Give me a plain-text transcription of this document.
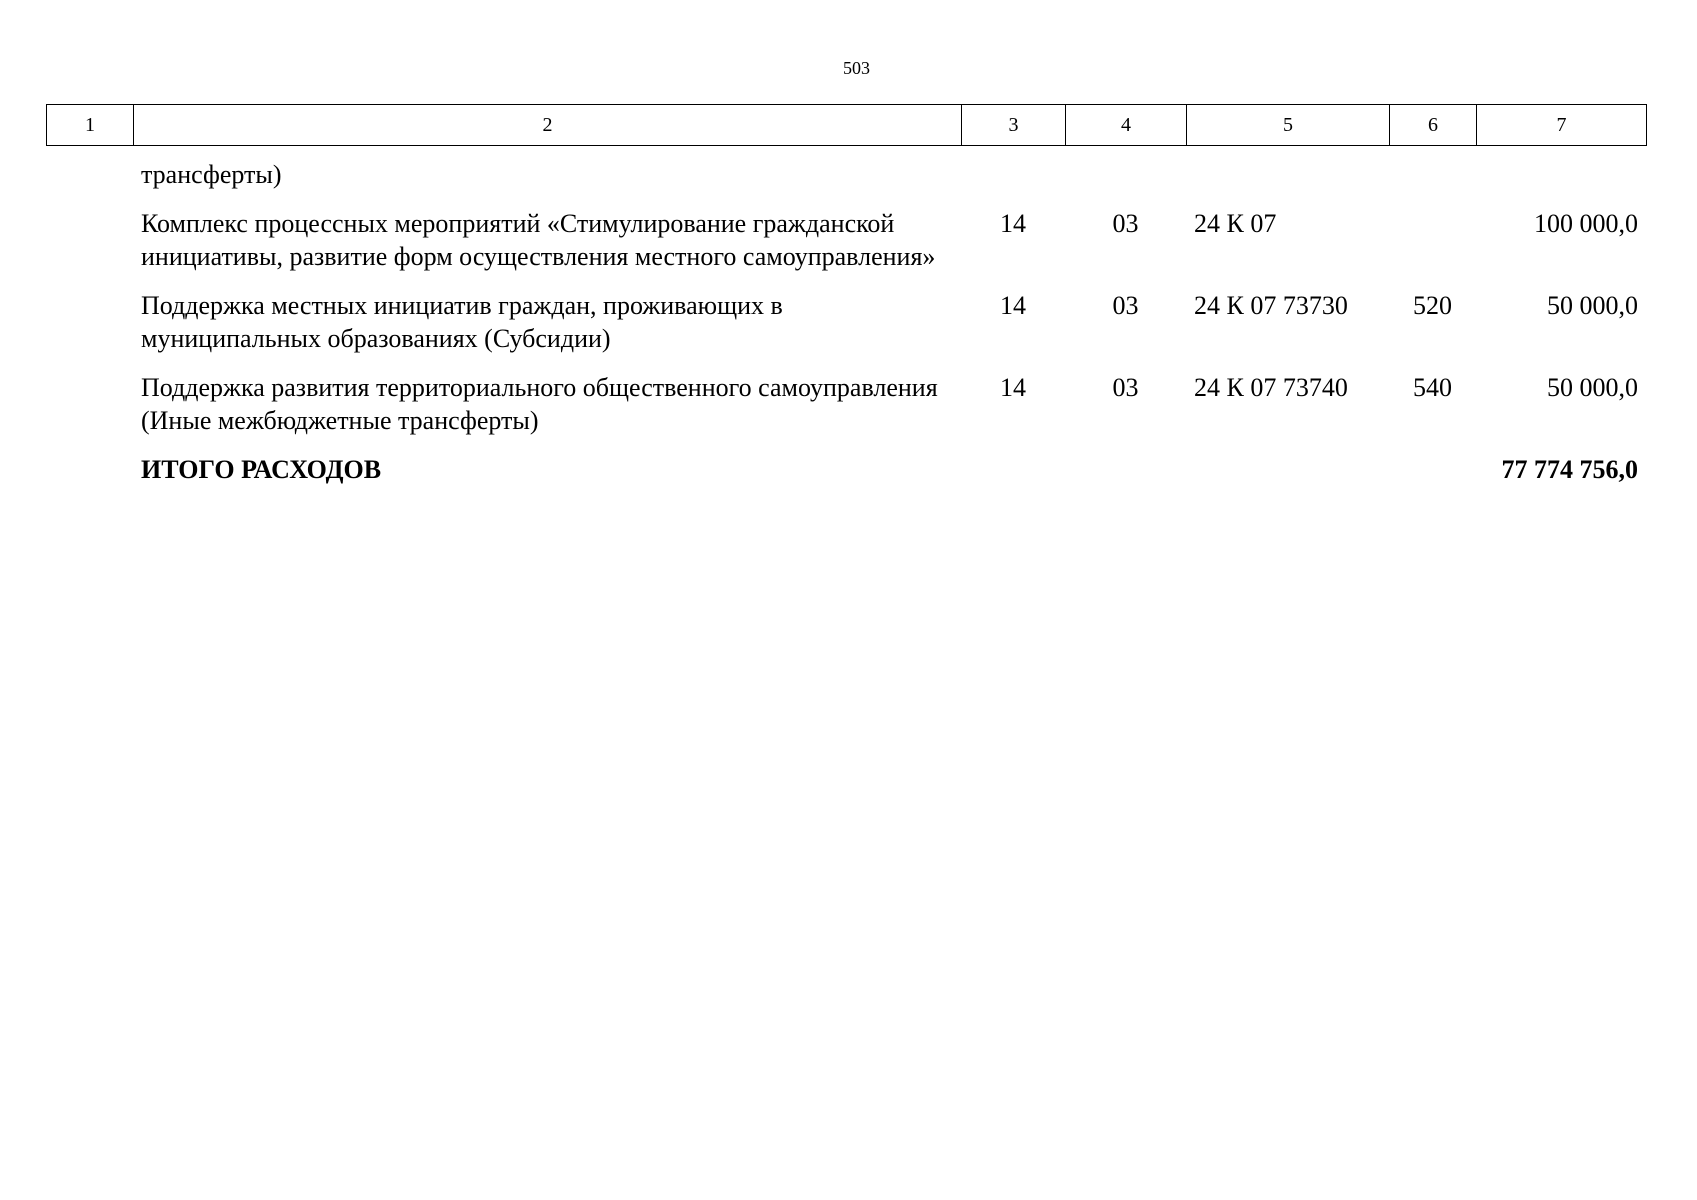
503
1	2	3	4	5	6	7
трансферты)					
Комплекс процессных мероприятий «Стимулирование гражданской инициативы, развитие форм осуществления местного самоуправления»	14	03	24 К 07		100 000,0
Поддержка местных инициатив граждан, проживающих в муниципальных образованиях (Субсидии)	14	03	24 К 07 73730	520	50 000,0
Поддержка развития территориального общественного самоуправления (Иные межбюджетные трансферты)	14	03	24 К 07 73740	540	50 000,0
ИТОГО РАСХОДОВ					77 774 756,0
